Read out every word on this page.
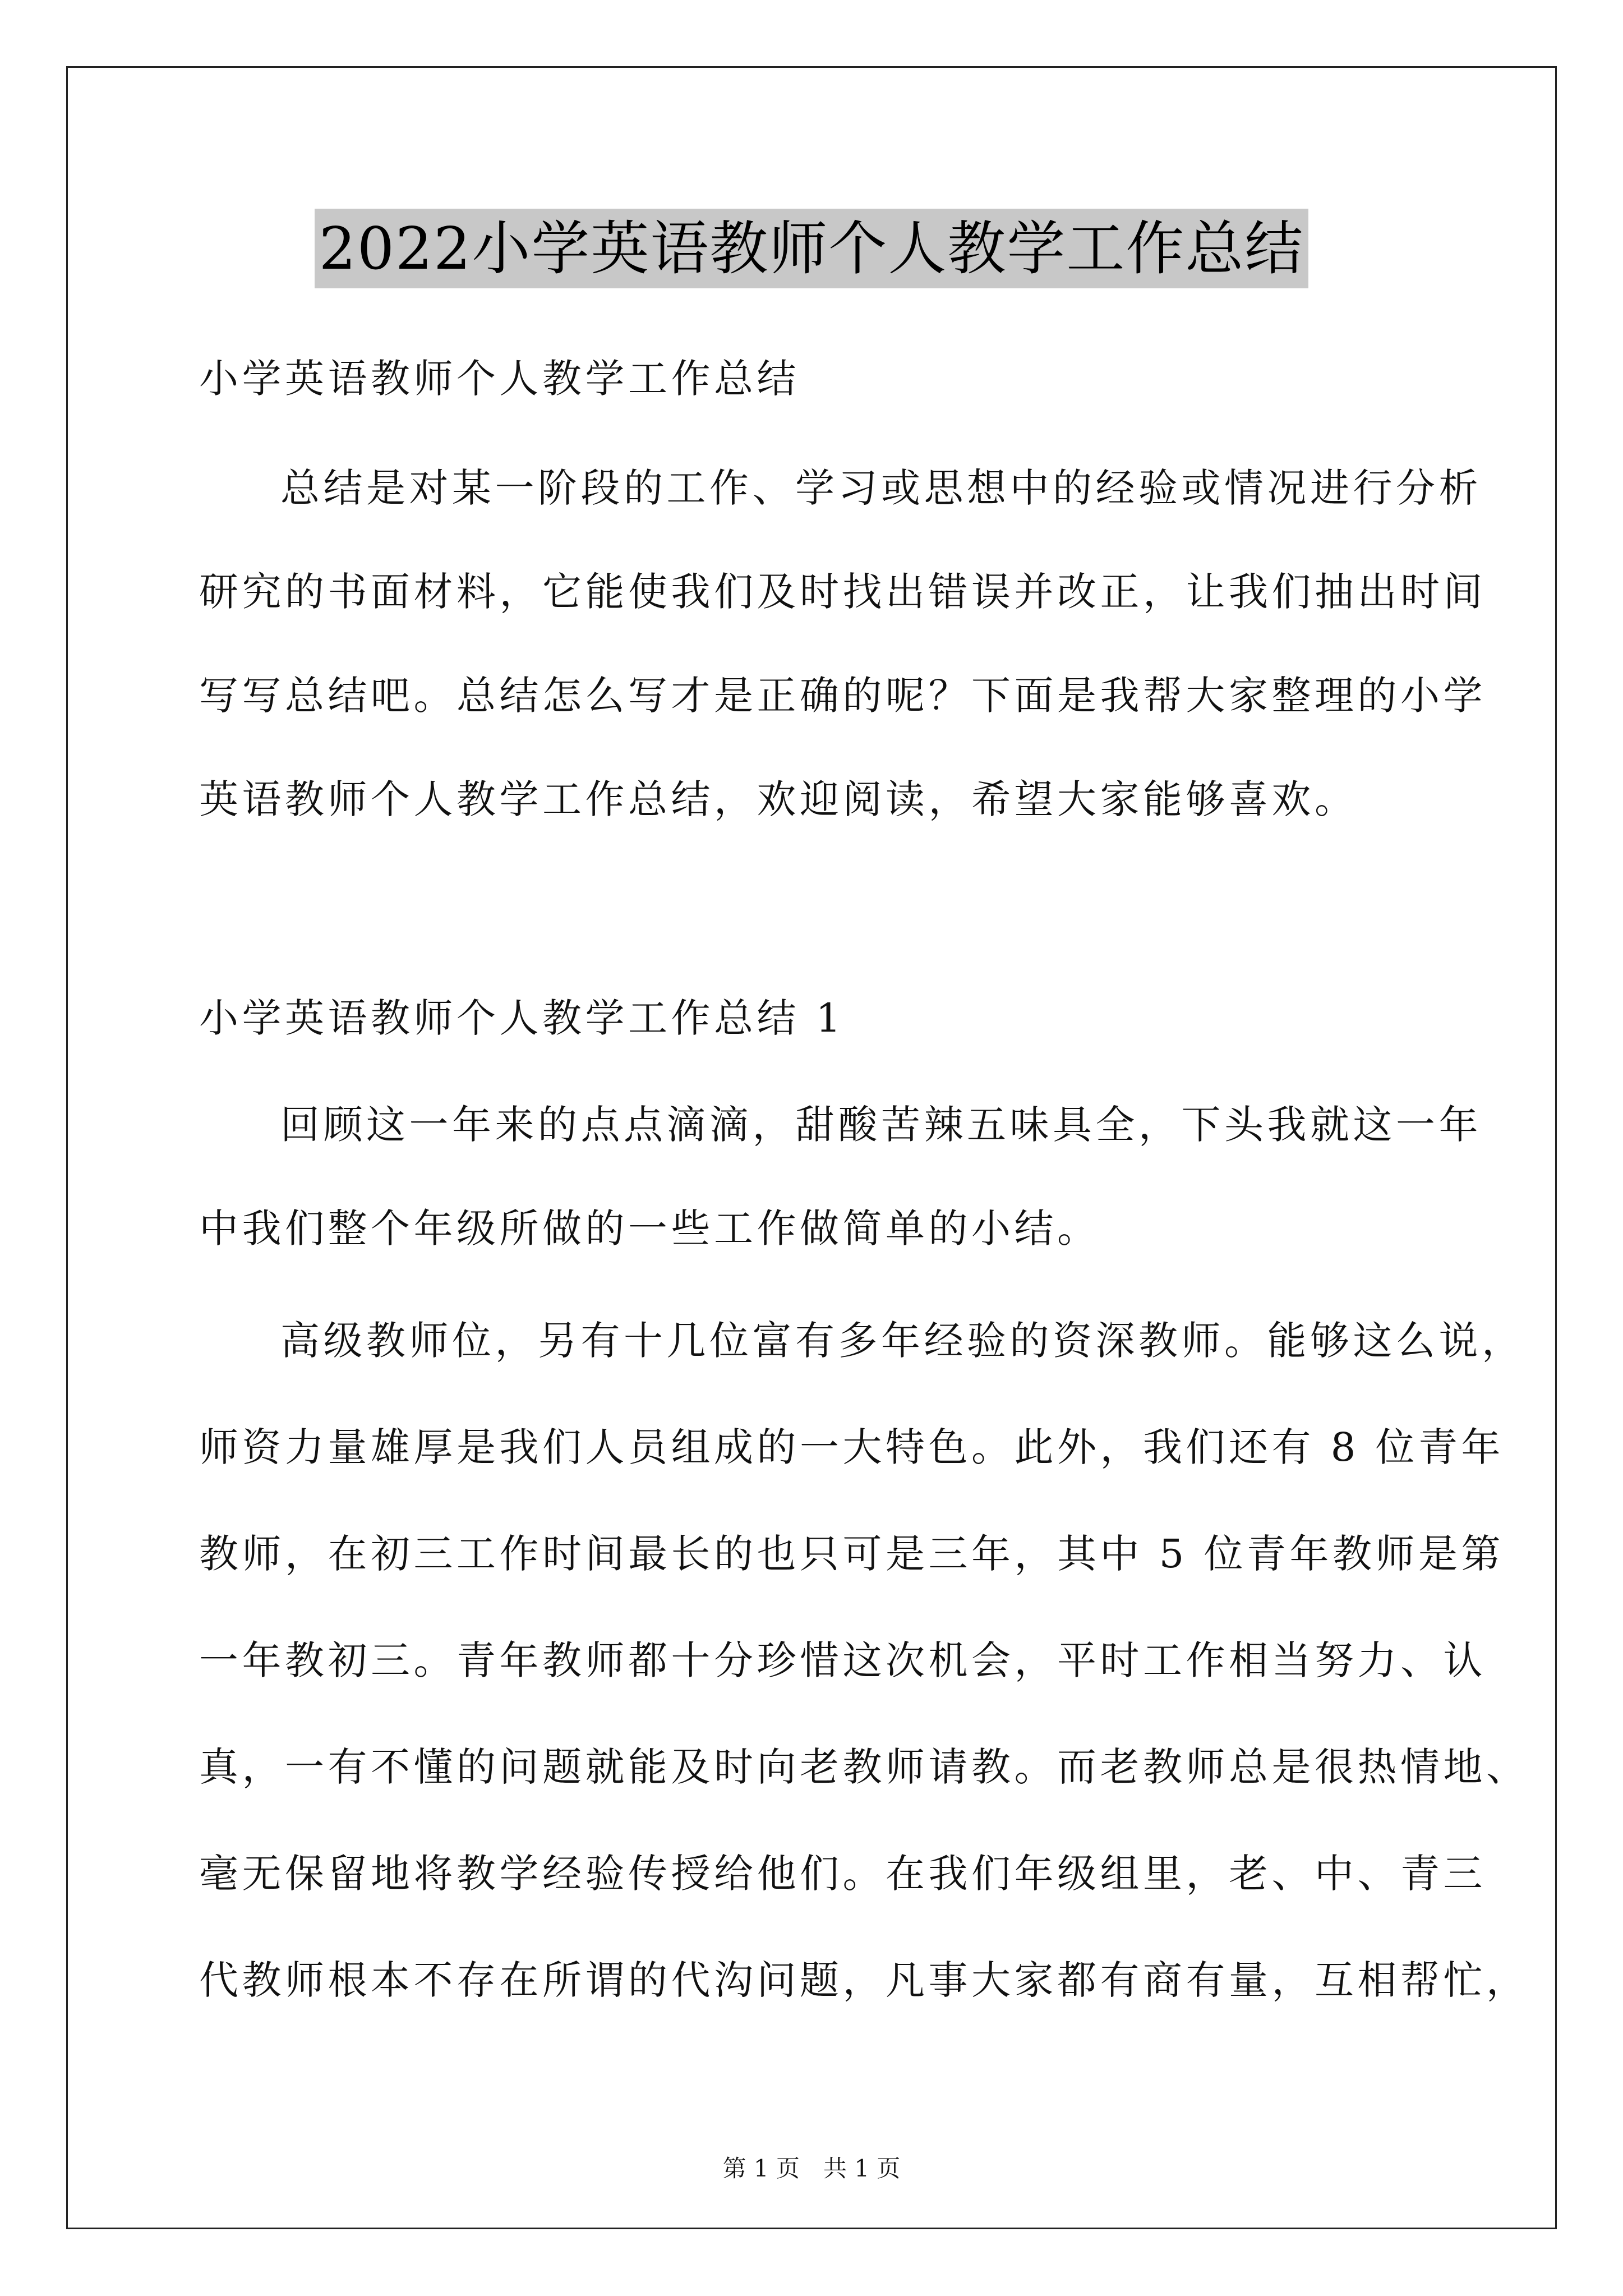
2022小学英语教师个人教学工作总结
小学英语教师个人教学工作总结
总结是对某一阶段的工作、学习或思想中的经验或情况进行分析
研究的书面材料，它能使我们及时找出错误并改正，让我们抽出时间
写写总结吧。总结怎么写才是正确的呢？下面是我帮大家整理的小学
英语教师个人教学工作总结，欢迎阅读，希望大家能够喜欢。
小学英语教师个人教学工作总结 1
回顾这一年来的点点滴滴，甜酸苦辣五味具全，下头我就这一年
中我们整个年级所做的一些工作做简单的小结。
高级教师位，另有十几位富有多年经验的资深教师。能够这么说，
师资力量雄厚是我们人员组成的一大特色。此外，我们还有 8 位青年
教师，在初三工作时间最长的也只可是三年，其中 5 位青年教师是第
一年教初三。青年教师都十分珍惜这次机会，平时工作相当努力、认
真，一有不懂的问题就能及时向老教师请教。而老教师总是很热情地、
毫无保留地将教学经验传授给他们。在我们年级组里，老、中、青三
代教师根本不存在所谓的代沟问题，凡事大家都有商有量，互相帮忙，
第 1 页　共 1 页
